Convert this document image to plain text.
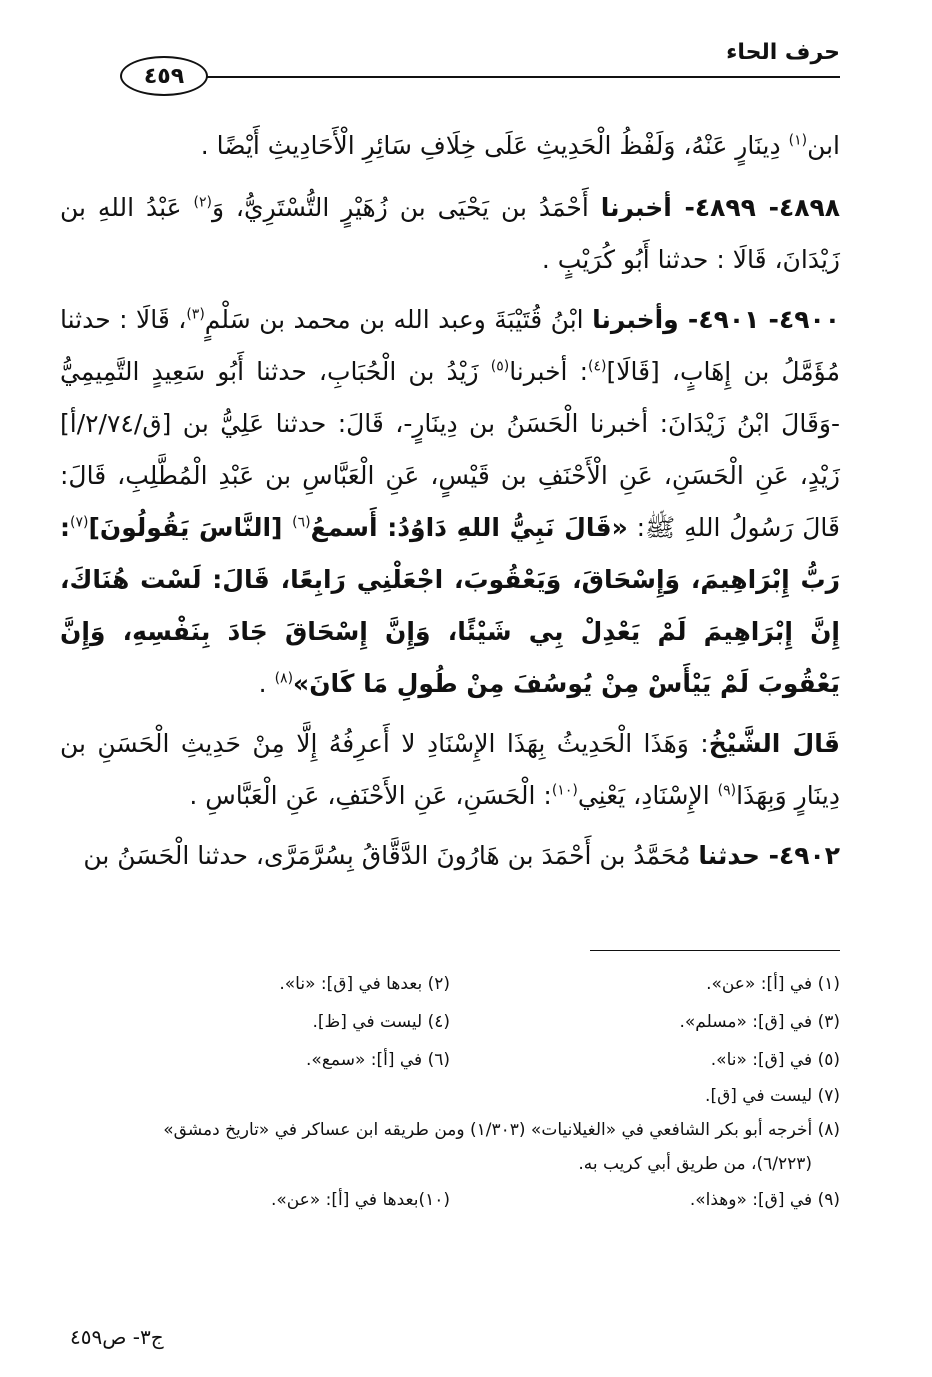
حرف الحاء
٤٥٩

ابن$^{(١)}$ دِينَارٍ عَنْهُ، وَلَفْظُ الْحَدِيثِ عَلَى خِلَافِ سَائِرِ الْأَحَادِيثِ أَيْضًا .

٤٨٩٨- ٤٨٩٩- أخبرنا أَحْمَدُ بن يَحْيَى بن زُهَيْرٍ التُّسْتَرِيُّ، وَ$^{(٢)}$ عَبْدُ اللهِ بن زَيْدَانَ، قَالَا : حدثنا أَبُو كُرَيْبٍ .

٤٩٠٠- ٤٩٠١- وأخبرنا ابْنُ قُتَيْبَةَ وعبد الله بن محمد بن سَلْمٍ$^{(٣)}$، قَالَا : حدثنا مُؤَمَّلُ بن إِهَابٍ، [قَالَا]$^{(٤)}$: أخبرنا$^{(٥)}$ زَيْدُ بن الْحُبَابِ، حدثنا أَبُو سَعِيدٍ التَّمِيمِيُّ -وَقَالَ ابْنُ زَيْدَانَ: أخبرنا الْحَسَنُ بن دِينَارٍ-، قَالَ: حدثنا عَلِيُّ بن [ق/٢/٧٤/أ] زَيْدٍ، عَنِ الْحَسَنِ، عَنِ الْأَحْنَفِ بن قَيْسٍ، عَنِ الْعَبَّاسِ بن عَبْدِ الْمُطَّلِبِ، قَالَ: قَالَ رَسُولُ اللهِ ﷺ: «قَالَ نَبِيُّ اللهِ دَاوُدُ: أَسمعُ$^{(٦)}$ [النَّاسَ يَقُولُونَ]$^{(٧)}$: رَبُّ إِبْرَاهِيمَ، وَإِسْحَاقَ، وَيَعْقُوبَ، اجْعَلْنِي رَابِعًا، قَالَ: لَسْت هُنَاكَ، إِنَّ إِبْرَاهِيمَ لَمْ يَعْدِلْ بِي شَيْئًا، وَإِنَّ إِسْحَاقَ جَادَ بِنَفْسِهِ، وَإِنَّ يَعْقُوبَ لَمْ يَيْأَسْ مِنْ يُوسُفَ مِنْ طُولِ مَا كَانَ»$^{(٨)}$ .

قَالَ الشَّيْخُ: وَهَذَا الْحَدِيثُ بِهَذَا الإِسْنَادِ لا أَعرِفُهُ إِلَّا مِنْ حَدِيثِ الْحَسَنِ بن دِينَارٍ وَبِهَذَا$^{(٩)}$ الإِسْنَادِ، يَعْنِي$^{(١٠)}$: الْحَسَنِ، عَنِ الأَحْنَفِ، عَنِ الْعَبَّاسِ .

٤٩٠٢- حدثنا مُحَمَّدُ بن أَحْمَدَ بن هَارُونَ الدَّقَّاقُ بِسُرَّمَرَّى، حدثنا الْحَسَنُ بن

(١) في [أ]: «عن».
(٢) بعدها في [ق]: «نا».
(٣) في [ق]: «مسلم».
(٤) ليست في [ظ].
(٥) في [ق]: «نا».
(٦) في [أ]: «سمع».
(٧) ليست في [ق].
(٨) أخرجه أبو بكر الشافعي في «الغيلانيات» (١/٣٠٣) ومن طريقه ابن عساكر في «تاريخ دمشق»
(٦/٢٢٣)، من طريق أبي كريب به.
(٩) في [ق]: «وهذا».
(١٠)بعدها في [أ]: «عن».
ج٣- ص٤٥٩
